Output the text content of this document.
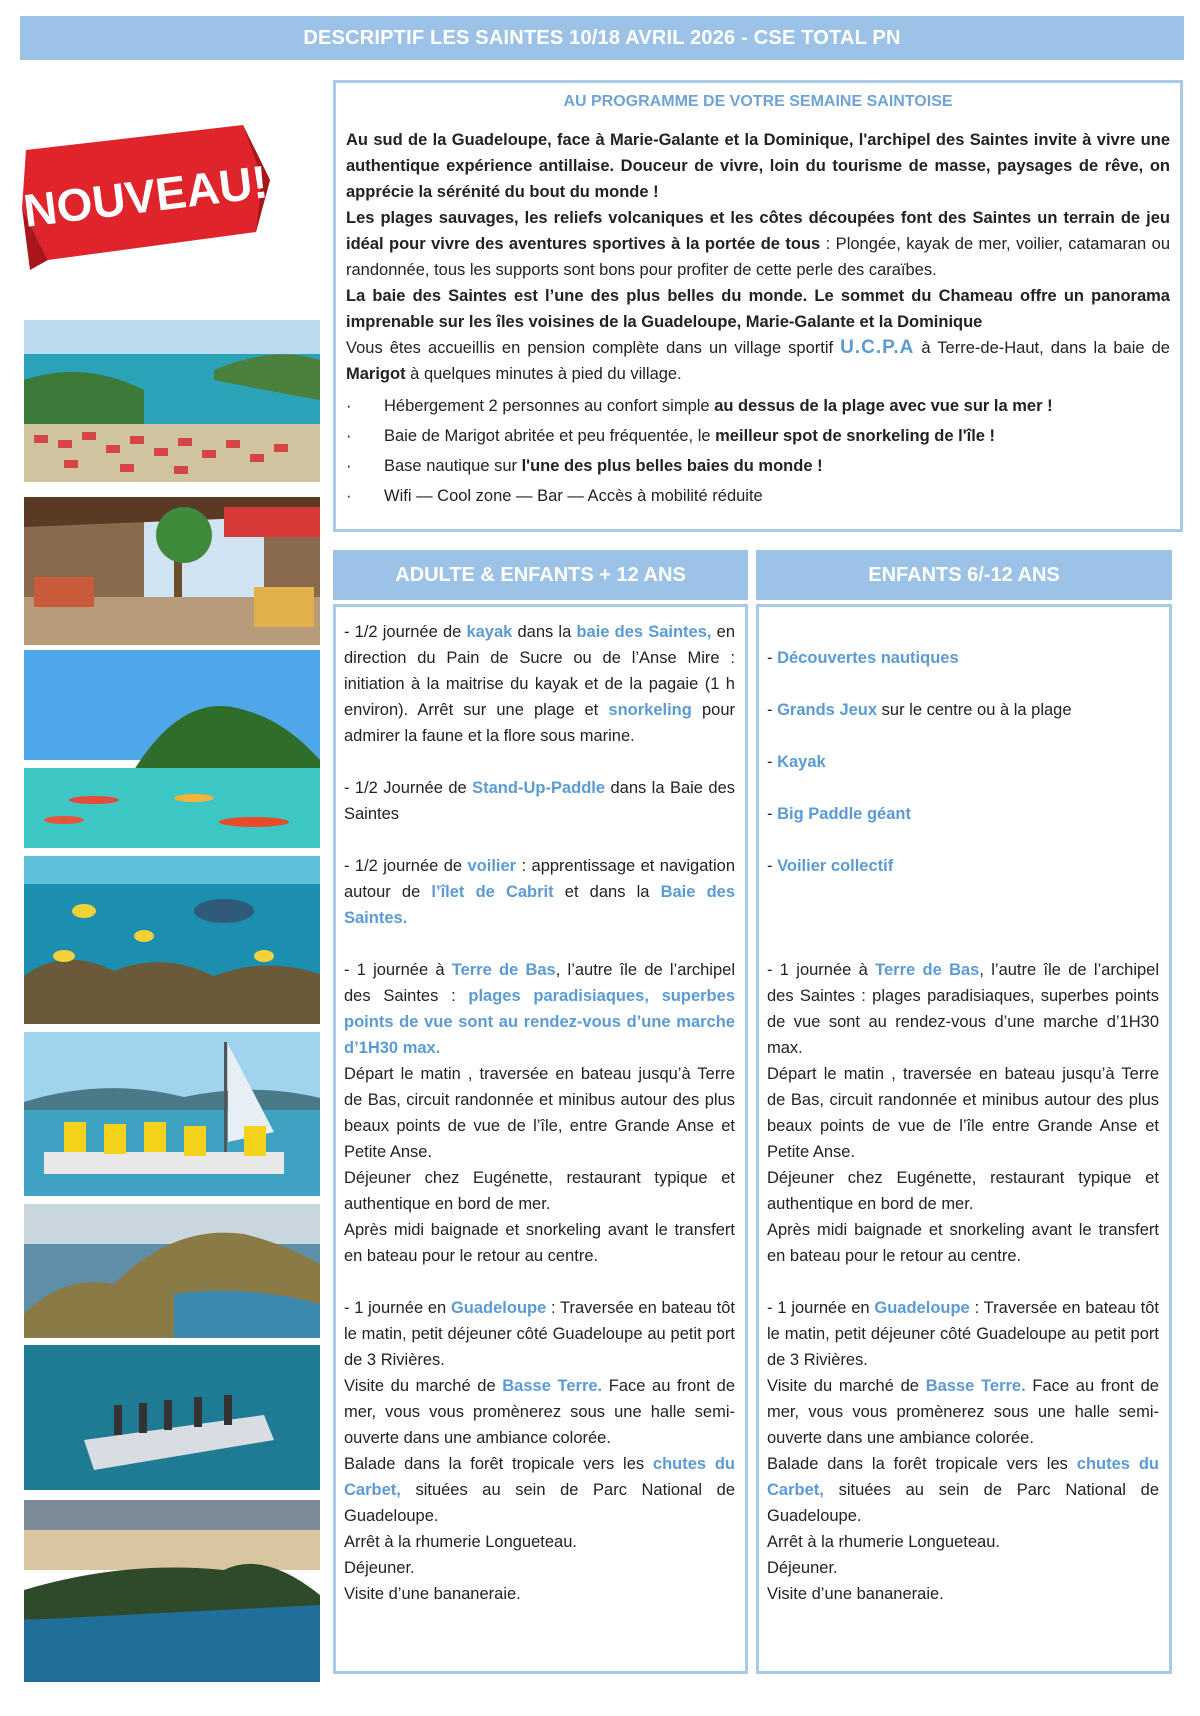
DESCRIPTIF LES SAINTES 10/18 AVRIL 2026 - CSE TOTAL PN
NOUVEAU!
AU PROGRAMME DE VOTRE SEMAINE SAINTOISE

Au sud de la Guadeloupe, face à Marie-Galante et la Dominique, l'archipel des Saintes invite à vivre une authentique expérience antillaise. Douceur de vivre, loin du tourisme de masse, paysages de rêve, on apprécie la sérénité du bout du monde !

Les plages sauvages, les reliefs volcaniques et les côtes découpées font des Saintes un terrain de jeu idéal pour vivre des aventures sportives à la portée de tous : Plongée, kayak de mer, voilier, catamaran ou randonnée, tous les supports sont bons pour profiter de cette perle des caraïbes.

La baie des Saintes est l’une des plus belles du monde. Le sommet du Chameau offre un panorama imprenable sur les îles voisines de la Guadeloupe, Marie-Galante et la Dominique

Vous êtes accueillis en pension complète dans un village sportif U.C.P.A à Terre-de-Haut, dans la baie de Marigot à quelques minutes à pied du village.

·	Hébergement 2 personnes au confort simple au dessus de la plage avec vue sur la mer !
·	Baie de Marigot abritée et peu fréquentée, le meilleur spot de snorkeling de l'île !
·	Base nautique sur l'une des plus belles baies du monde !
·	Wifi — Cool zone — Bar — Accès à mobilité réduite
ADULTE & ENFANTS + 12 ANS	ENFANTS 6/-12 ANS

- 1/2 journée de kayak dans la baie des Saintes, en direction du Pain de Sucre ou de l’Anse Mire : initiation à la maitrise du kayak et de la pagaie (1 h environ). Arrêt sur une plage et snorkeling pour admirer la faune et la flore sous marine.

- 1/2 Journée de Stand-Up-Paddle dans la Baie des Saintes

- 1/2 journée de voilier : apprentissage et navigation autour de l’îlet de Cabrit et dans la Baie des Saintes.

- 1 journée à Terre de Bas, l’autre île de l’archipel des Saintes : plages paradisiaques, superbes points de vue sont au rendez-vous d’une marche d’1H30 max.

Départ le matin , traversée en bateau jusqu’à Terre de Bas, circuit randonnée et minibus autour des plus beaux points de vue de l’île, entre Grande Anse et Petite Anse.

Déjeuner chez Eugénette, restaurant typique et authentique en bord de mer.

Après midi baignade et snorkeling avant le transfert en bateau pour le retour au centre.

- 1 journée en Guadeloupe : Traversée en bateau tôt le matin, petit déjeuner côté Guadeloupe au petit port de 3 Rivières.

Visite du marché de Basse Terre. Face au front de mer, vous vous promènerez sous une halle semi-ouverte dans une ambiance colorée.

Balade dans la forêt tropicale vers les chutes du Carbet, situées au sein de Parc National de Guadeloupe.

Arrêt à la rhumerie Longueteau.

Déjeuner.

Visite d’une bananeraie.

- Découvertes nautiques

- Grands Jeux sur le centre ou à la plage

- Kayak

- Big Paddle géant

- Voilier collectif

- 1 journée à Terre de Bas, l’autre île de l’archipel des Saintes : plages paradisiaques, superbes points de vue sont au rendez-vous d’une marche d’1H30 max.

Départ le matin , traversée en bateau jusqu’à Terre de Bas, circuit randonnée et minibus autour des plus beaux points de vue de l’île entre Grande Anse et Petite Anse.

Déjeuner chez Eugénette, restaurant typique et authentique en bord de mer.

Après midi baignade et snorkeling avant le transfert en bateau pour le retour au centre.

- 1 journée en Guadeloupe : Traversée en bateau tôt le matin, petit déjeuner côté Guadeloupe au petit port de 3 Rivières.

Visite du marché de Basse Terre. Face au front de mer, vous vous promènerez sous une halle semi-ouverte dans une ambiance colorée.

Balade dans la forêt tropicale vers les chutes du Carbet, situées au sein de Parc National de Guadeloupe.

Arrêt à la rhumerie Longueteau.

Déjeuner.

Visite d’une bananeraie.
